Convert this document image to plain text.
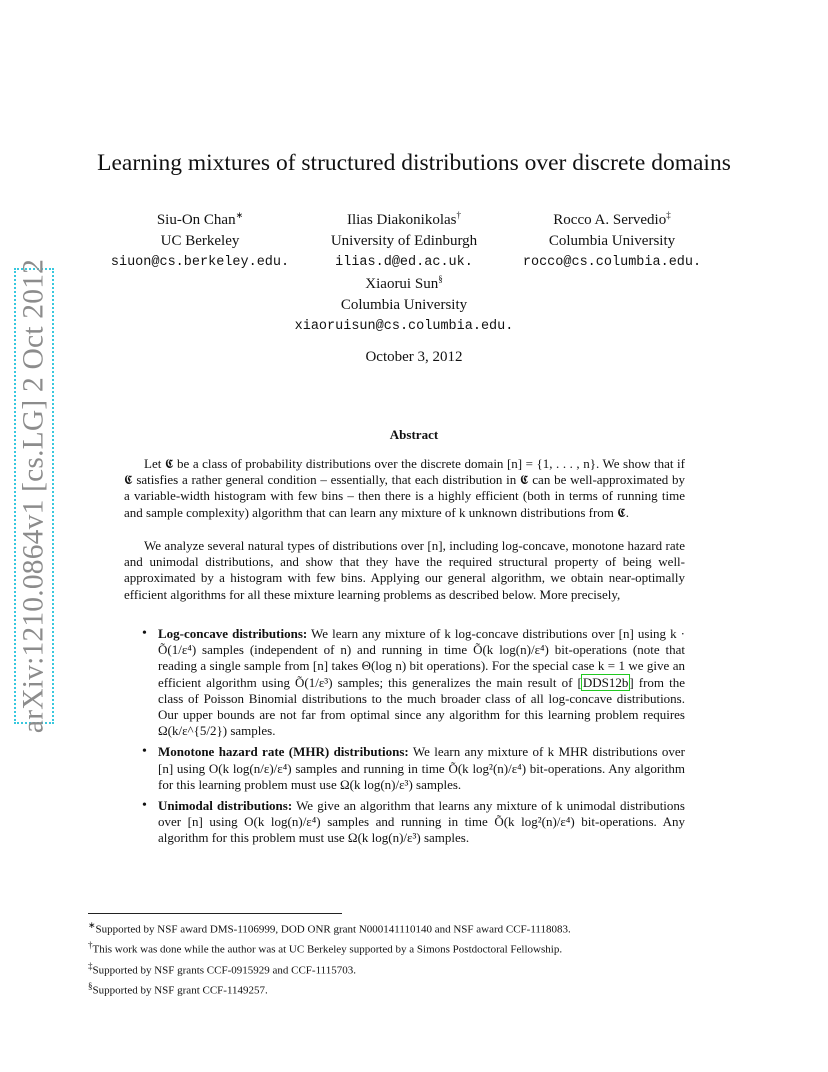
arXiv:1210.0864v1 [cs.LG] 2 Oct 2012
Learning mixtures of structured distributions over discrete domains
Siu-On Chan∗
UC Berkeley
siuon@cs.berkeley.edu.
Ilias Diakonikolas†
University of Edinburgh
ilias.d@ed.ac.uk.
Rocco A. Servedio‡
Columbia University
rocco@cs.columbia.edu.
Xiaorui Sun§
Columbia University
xiaoruisun@cs.columbia.edu.
October 3, 2012
Abstract

Let 𝕮 be a class of probability distributions over the discrete domain [n] = {1, . . . , n}. We show that if 𝕮 satisfies a rather general condition – essentially, that each distribution in 𝕮 can be well-approximated by a variable-width histogram with few bins – then there is a highly efficient (both in terms of running time and sample complexity) algorithm that can learn any mixture of k unknown distributions from 𝕮.

We analyze several natural types of distributions over [n], including log-concave, monotone hazard rate and unimodal distributions, and show that they have the required structural property of being well-approximated by a histogram with few bins. Applying our general algorithm, we obtain near-optimally efficient algorithms for all these mixture learning problems as described below. More precisely,

• Log-concave distributions: We learn any mixture of k log-concave distributions over [n] using k · Õ(1/ε⁴) samples (independent of n) and running in time Õ(k log(n)/ε⁴) bit-operations (note that reading a single sample from [n] takes Θ(log n) bit operations). For the special case k = 1 we give an efficient algorithm using Õ(1/ε³) samples; this generalizes the main result of [DDS12b] from the class of Poisson Binomial distributions to the much broader class of all log-concave distributions. Our upper bounds are not far from optimal since any algorithm for this learning problem requires Ω(k/ε^{5/2}) samples.
• Monotone hazard rate (MHR) distributions: We learn any mixture of k MHR distributions over [n] using O(k log(n/ε)/ε⁴) samples and running in time Õ(k log²(n)/ε⁴) bit-operations. Any algorithm for this learning problem must use Ω(k log(n)/ε³) samples.
• Unimodal distributions: We give an algorithm that learns any mixture of k unimodal distributions over [n] using O(k log(n)/ε⁴) samples and running in time Õ(k log²(n)/ε⁴) bit-operations. Any algorithm for this problem must use Ω(k log(n)/ε³) samples.
∗Supported by NSF award DMS-1106999, DOD ONR grant N000141110140 and NSF award CCF-1118083.
†This work was done while the author was at UC Berkeley supported by a Simons Postdoctoral Fellowship.
‡Supported by NSF grants CCF-0915929 and CCF-1115703.
§Supported by NSF grant CCF-1149257.
